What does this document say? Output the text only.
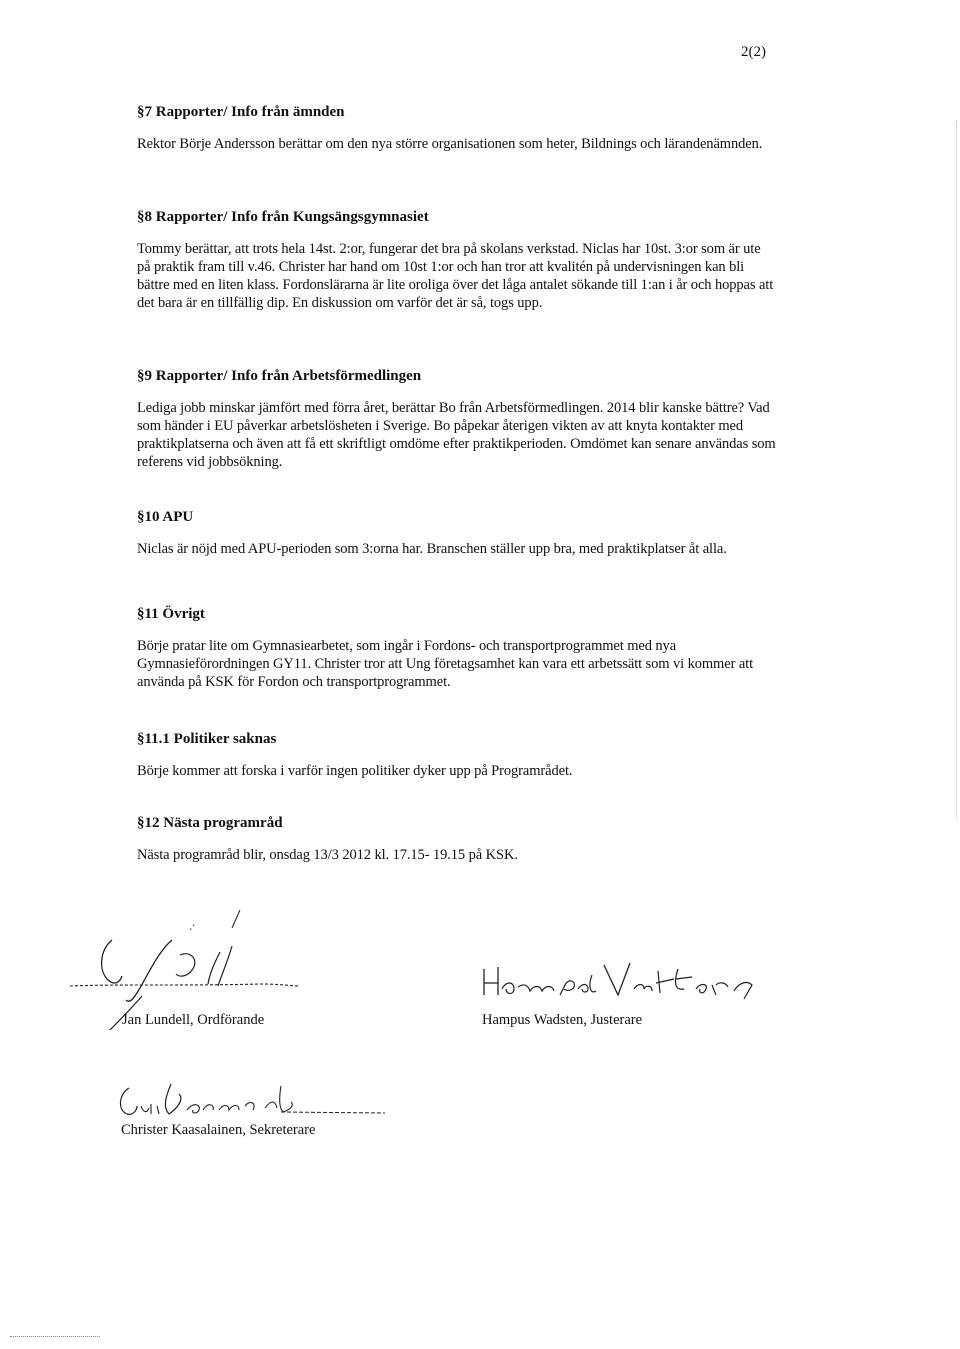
2(2)
§7 Rapporter/ Info från ämnden

Rektor Börje Andersson berättar om den nya större organisationen som heter, Bildnings och lärandenämnden.

§8 Rapporter/ Info från Kungsängsgymnasiet

Tommy berättar, att trots hela 14st. 2:or, fungerar det bra på skolans verkstad. Niclas har 10st. 3:or som är ute på praktik fram till v.46. Christer har hand om 10st 1:or och han tror att kvalitén på undervisningen kan bli bättre med en liten klass. Fordonslärarna är lite oroliga över det låga antalet sökande till 1:an i år och hoppas att det bara är en tillfällig dip. En diskussion om varför det är så, togs upp.

§9 Rapporter/ Info från Arbetsförmedlingen

Lediga jobb minskar jämfört med förra året, berättar Bo från Arbetsförmedlingen. 2014 blir kanske bättre? Vad som händer i EU påverkar arbetslösheten i Sverige. Bo påpekar återigen vikten av att knyta kontakter med praktikplatserna och även att få ett skriftligt omdöme efter praktikperioden. Omdömet kan senare användas som referens vid jobbsökning.

§10 APU

Niclas är nöjd med APU-perioden som 3:orna har. Branschen ställer upp bra, med praktikplatser åt alla.

§11 Övrigt

Börje pratar lite om Gymnasiearbetet, som ingår i Fordons- och transportprogrammet med nya Gymnasieförordningen GY11. Christer tror att Ung företagsamhet kan vara ett arbetssätt som vi kommer att använda på KSK för Fordon och transportprogrammet.

§11.1 Politiker saknas

Börje kommer att forska i varför ingen politiker dyker upp på Programrådet.

§12 Nästa programråd

Nästa programråd blir, onsdag 13/3 2012 kl. 17.15- 19.15 på KSK.

Jan Lundell, Ordförande	Hampus Wadsten, Justerare
Christer Kaasalainen, Sekreterare
